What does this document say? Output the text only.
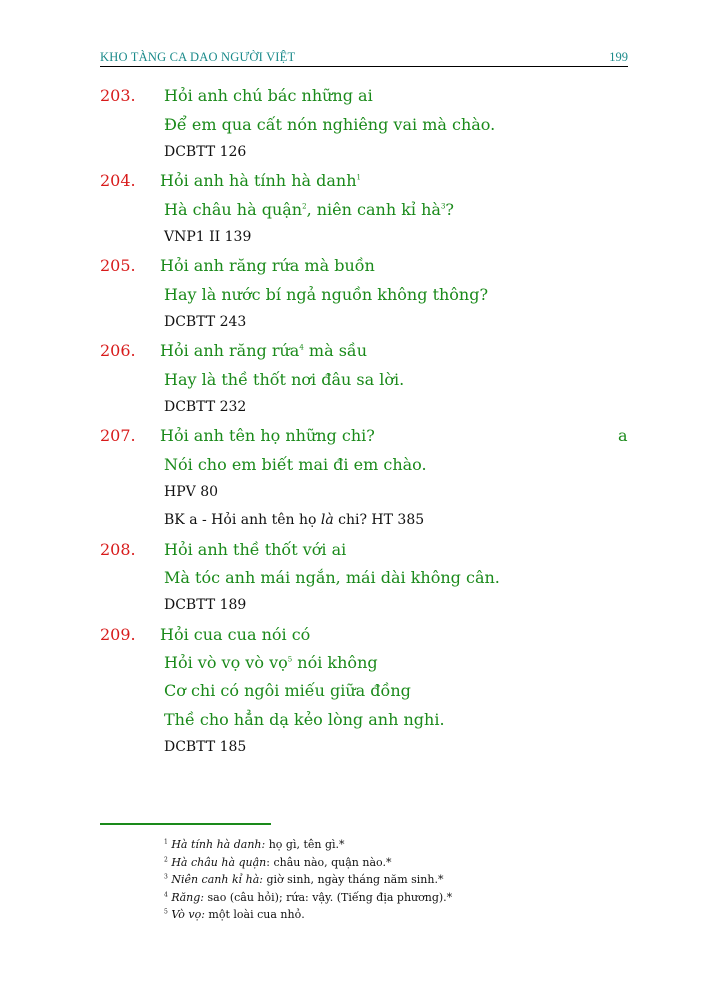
KHO TÀNG CA DAO NGƯỜI VIỆT	199
203. Hỏi anh chú bác những ai
Để em qua cất nón nghiêng vai mà chào.
DCBTT 126
204. Hỏi anh hà tính hà danh$^1$
Hà châu hà quận$^2$, niên canh kỉ $hà^3$?
VNP1 II 139
205. Hỏi anh răng rứa mà buồn
Hay là nước bí ngả nguồn không thông?
DCBTT 243
206. Hỏi anh răng rứa$^4$ mà sầu
Hay là thề thốt nơi đâu sa lời.
DCBTT 232
207. Hỏi anh tên họ những chi?	a
Nói cho em biết mai đi em chào.
HPV 80
BK a - Hỏi anh tên họ là chi? HT 385
208. Hỏi anh thề thốt với ai
Mà tóc anh mái ngắn, mái dài không cân.
DCBTT 189
209. Hỏi cua cua nói có
Hỏi vò vọ vò vọ$^5$ nói không
Cơ chi có ngôi miếu giữa đồng
Thề cho hẳn dạ kẻo lòng anh nghi.
DCBTT 185
$^1$ Hà tính hà danh: họ gì, tên gì.*
$^2$ Hà châu hà quận: châu nào, quận nào.*
$^3$ Niên canh kỉ hà: giờ sinh, ngày tháng năm sinh.*
$^4$ Răng: sao (câu hỏi); rứa: vậy. (Tiếng địa phương).*
$^5$ Vò vọ: một loài cua nhỏ.
